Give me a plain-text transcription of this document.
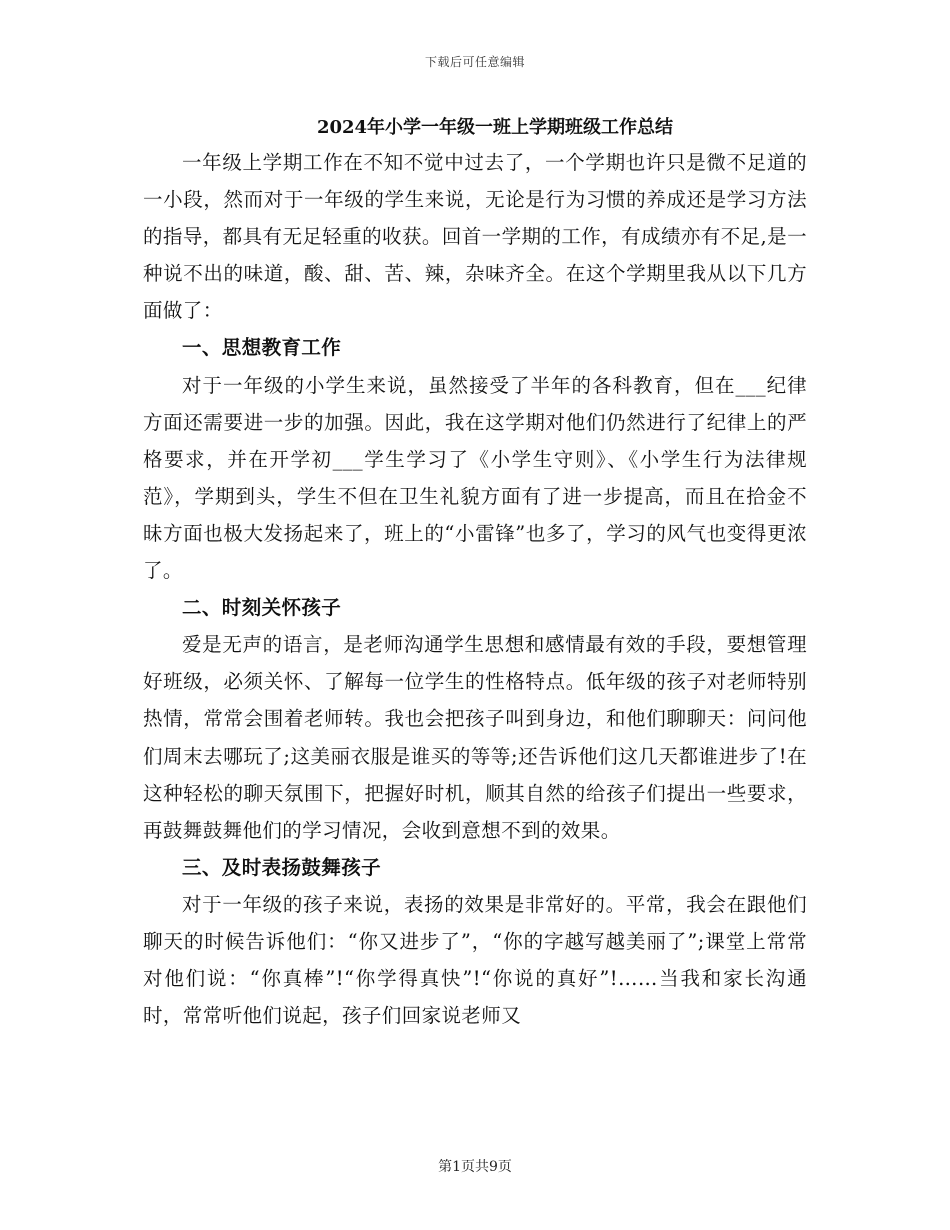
下载后可任意编辑
2024年小学一年级一班上学期班级工作总结

一年级上学期工作在不知不觉中过去了，一个学期也许只是微不足道的一小段，然而对于一年级的学生来说，无论是行为习惯的养成还是学习方法的指导，都具有无足轻重的收获。回首一学期的工作，有成绩亦有不足,是一种说不出的味道，酸、甜、苦、辣，杂味齐全。在这个学期里我从以下几方面做了：

一、思想教育工作

对于一年级的小学生来说，虽然接受了半年的各科教育，但在___纪律方面还需要进一步的加强。因此，我在这学期对他们仍然进行了纪律上的严格要求，并在开学初___学生学习了《小学生守则》、《小学生行为法律规范》，学期到头，学生不但在卫生礼貌方面有了进一步提高，而且在拾金不昧方面也极大发扬起来了，班上的“小雷锋”也多了，学习的风气也变得更浓了。

二、时刻关怀孩子

爱是无声的语言，是老师沟通学生思想和感情最有效的手段，要想管理好班级，必须关怀、了解每一位学生的性格特点。低年级的孩子对老师特别热情，常常会围着老师转。我也会把孩子叫到身边，和他们聊聊天：问问他们周末去哪玩了;这美丽衣服是谁买的等等;还告诉他们这几天都谁进步了!在这种轻松的聊天氛围下，把握好时机，顺其自然的给孩子们提出一些要求，再鼓舞鼓舞他们的学习情况，会收到意想不到的效果。

三、及时表扬鼓舞孩子

对于一年级的孩子来说，表扬的效果是非常好的。平常，我会在跟他们聊天的时候告诉他们：“你又进步了”，“你的字越写越美丽了”;课堂上常常对他们说：“你真棒”!“你学得真快”!“你说的真好”!……当我和家长沟通时，常常听他们说起，孩子们回家说老师又

第1页共9页
